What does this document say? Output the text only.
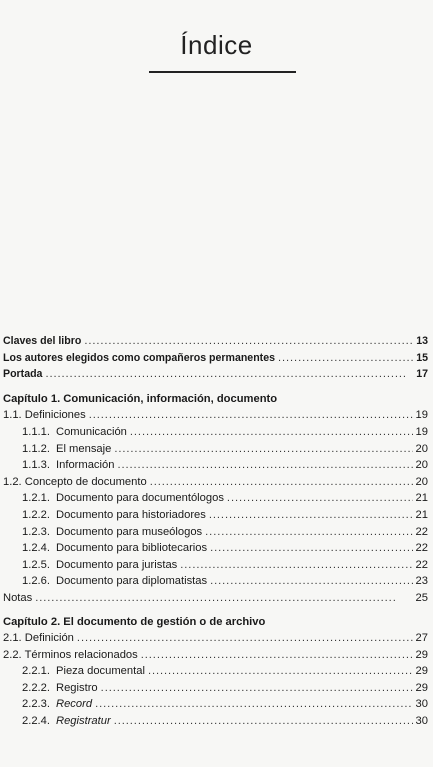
Índice
Claves del libro . . .	13
Los autores elegidos como compañeros permanentes . . .	15
Portada . . .	17
Capítulo 1. Comunicación, información, documento
1.1. Definiciones . . .	19
1.1.1. Comunicación . . .	19
1.1.2. El mensaje . . .	20
1.1.3. Información . . .	20
1.2. Concepto de documento . . .	20
1.2.1. Documento para documentólogos . . .	21
1.2.2. Documento para historiadores . . .	21
1.2.3. Documento para museólogos . . .	22
1.2.4. Documento para bibliotecarios . . .	22
1.2.5. Documento para juristas . . .	22
1.2.6. Documento para diplomatistas . . .	23
Notas . . .	25
Capítulo 2. El documento de gestión o de archivo
2.1. Definición . . .	27
2.2. Términos relacionados . . .	29
2.2.1. Pieza documental . . .	29
2.2.2. Registro . . .	29
2.2.3. Record . . .	30
2.2.4. Registratur . . .	30
